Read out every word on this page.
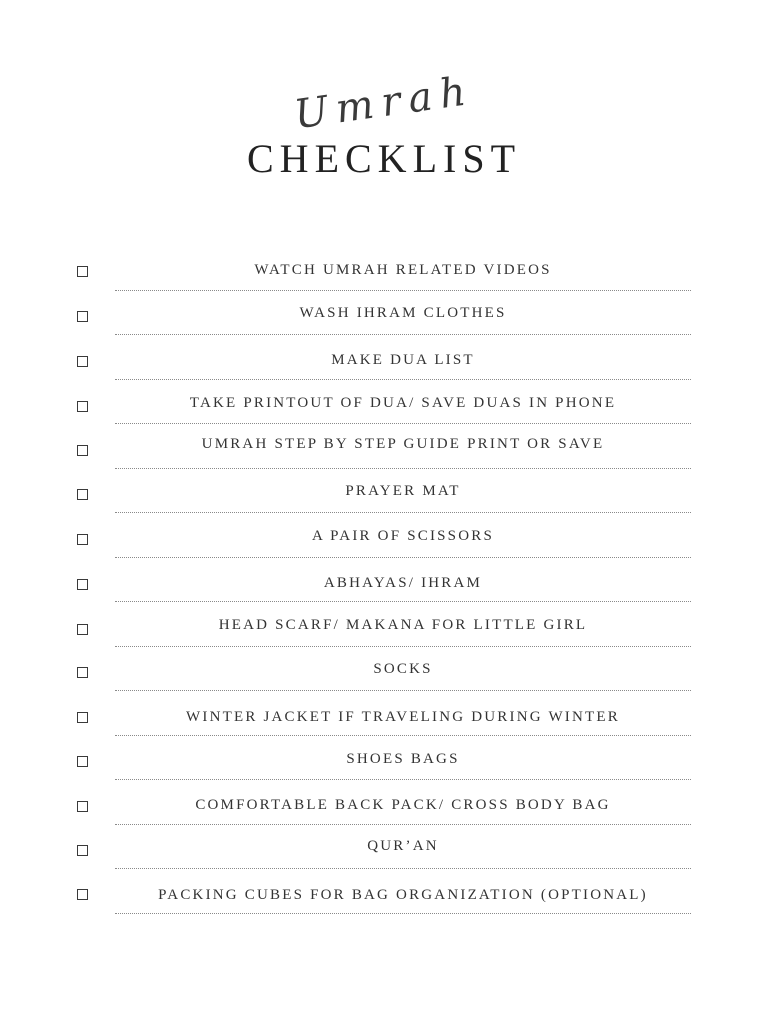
Umrah
CHECKLIST
WATCH UMRAH RELATED VIDEOS
WASH IHRAM CLOTHES
MAKE DUA LIST
TAKE PRINTOUT OF DUA/ SAVE DUAS IN PHONE
UMRAH STEP BY STEP GUIDE PRINT OR SAVE
PRAYER MAT
A PAIR OF SCISSORS
ABHAYAS/ IHRAM
HEAD SCARF/ MAKANA FOR LITTLE GIRL
SOCKS
WINTER JACKET IF TRAVELING DURING WINTER
SHOES BAGS
COMFORTABLE BACK PACK/ CROSS BODY BAG
QUR’AN
PACKING CUBES FOR BAG ORGANIZATION (OPTIONAL)
